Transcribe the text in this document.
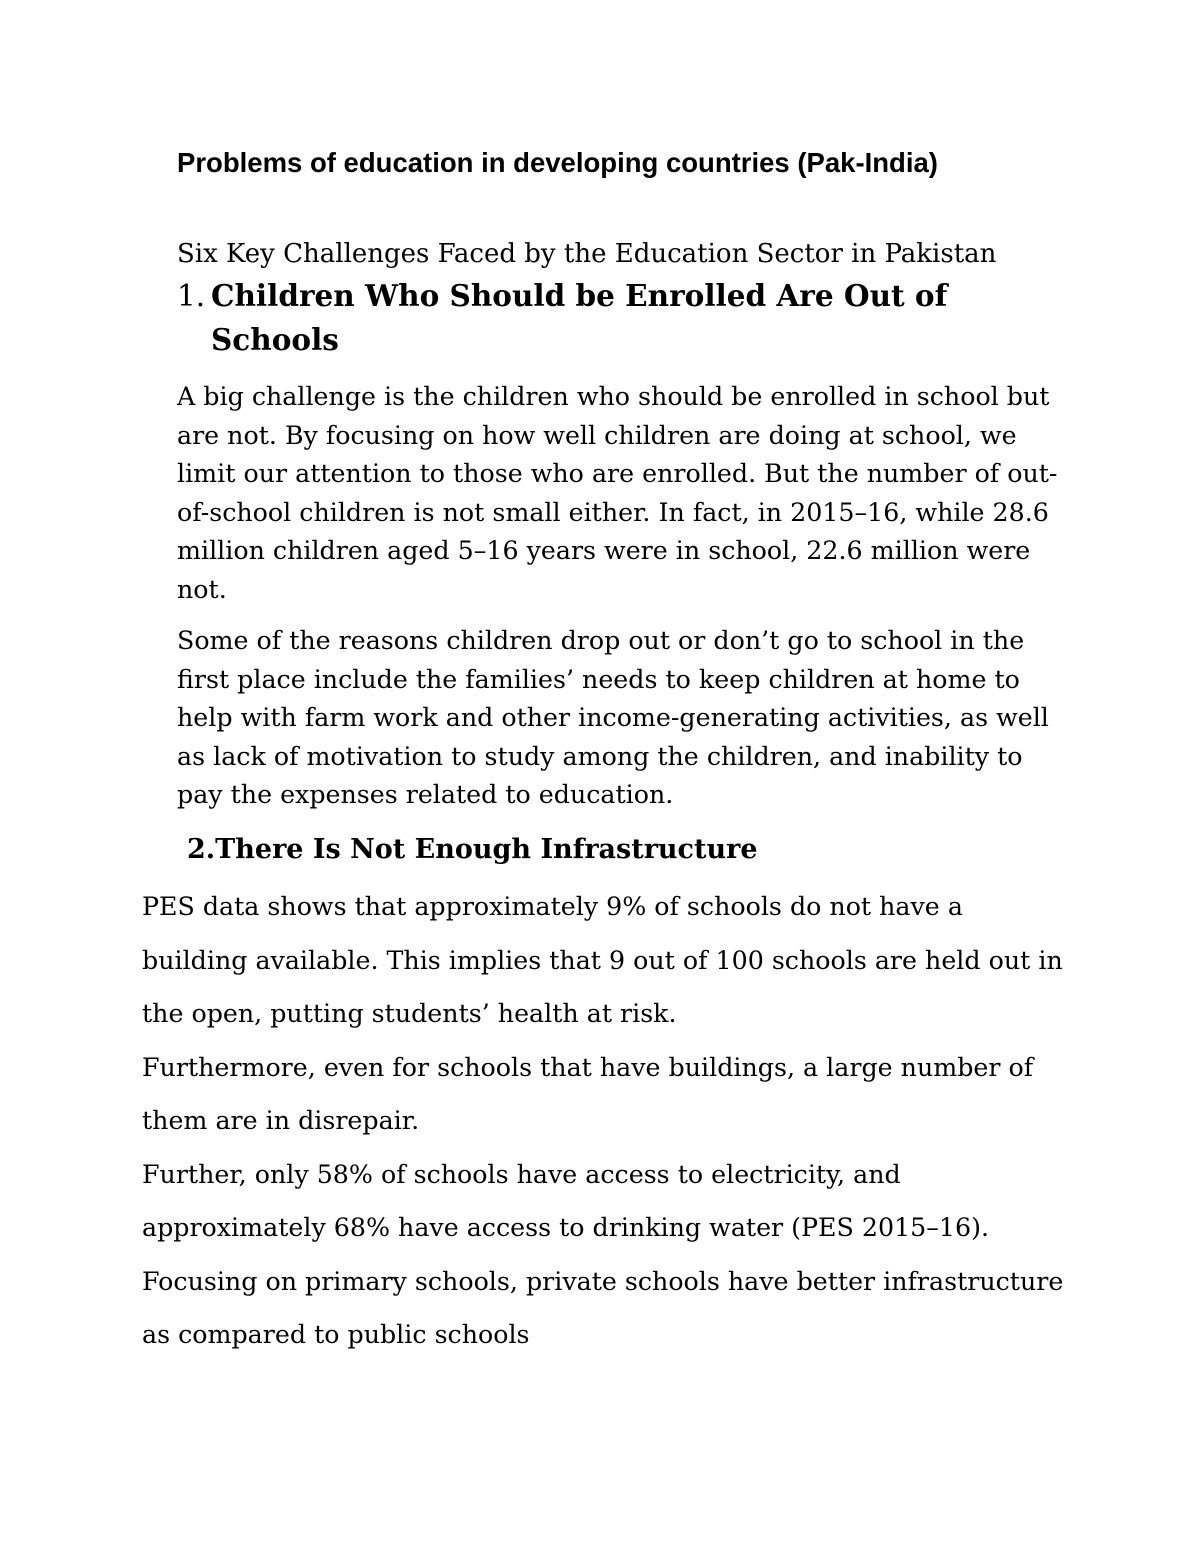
Problems of education in developing countries (Pak-India)
Six Key Challenges Faced by the Education Sector in Pakistan
1. Children Who Should be Enrolled Are Out of Schools

A big challenge is the children who should be enrolled in school but are not. By focusing on how well children are doing at school, we limit our attention to those who are enrolled. But the number of out-of-school children is not small either. In fact, in 2015–16, while 28.6 million children aged 5–16 years were in school, 22.6 million were not.

Some of the reasons children drop out or don’t go to school in the first place include the families’ needs to keep children at home to help with farm work and other income-generating activities, as well as lack of motivation to study among the children, and inability to pay the expenses related to education.

2.There Is Not Enough Infrastructure

PES data shows that approximately 9% of schools do not have a building available. This implies that 9 out of 100 schools are held out in the open, putting students’ health at risk.

Furthermore, even for schools that have buildings, a large number of them are in disrepair.

Further, only 58% of schools have access to electricity, and approximately 68% have access to drinking water (PES 2015–16).

Focusing on primary schools, private schools have better infrastructure as compared to public schools
